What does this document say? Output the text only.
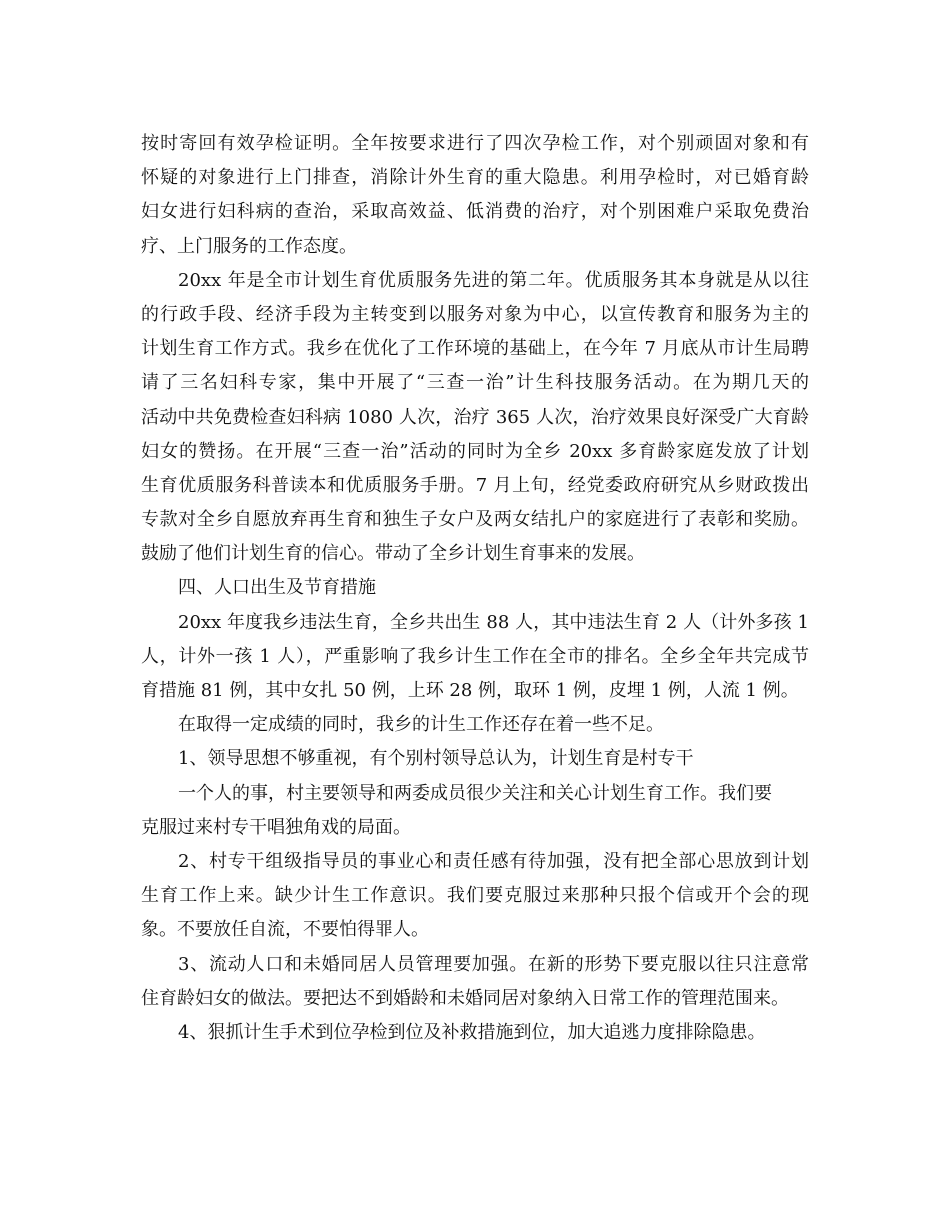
按时寄回有效孕检证明。全年按要求进行了四次孕检工作，对个别顽固对象和有
怀疑的对象进行上门排查，消除计外生育的重大隐患。利用孕检时，对已婚育龄
妇女进行妇科病的查治，采取高效益、低消费的治疗，对个别困难户采取免费治
疗、上门服务的工作态度。
20xx 年是全市计划生育优质服务先进的第二年。优质服务其本身就是从以往
的行政手段、经济手段为主转变到以服务对象为中心，以宣传教育和服务为主的
计划生育工作方式。我乡在优化了工作环境的基础上，在今年 7 月底从市计生局聘
请了三名妇科专家，集中开展了“三查一治”计生科技服务活动。在为期几天的
活动中共免费检查妇科病 1080 人次，治疗 365 人次，治疗效果良好深受广大育龄
妇女的赞扬。在开展“三查一治”活动的同时为全乡 20xx 多育龄家庭发放了计划
生育优质服务科普读本和优质服务手册。7 月上旬，经党委政府研究从乡财政拨出
专款对全乡自愿放弃再生育和独生子女户及两女结扎户的家庭进行了表彰和奖励。
鼓励了他们计划生育的信心。带动了全乡计划生育事来的发展。
四、人口出生及节育措施
20xx 年度我乡违法生育，全乡共出生 88 人，其中违法生育 2 人（计外多孩 1
人，计外一孩 1 人），严重影响了我乡计生工作在全市的排名。全乡全年共完成节
育措施 81 例，其中女扎 50 例，上环 28 例，取环 1 例，皮埋 1 例，人流 1 例。
在取得一定成绩的同时，我乡的计生工作还存在着一些不足。
1、领导思想不够重视，有个别村领导总认为，计划生育是村专干
一个人的事，村主要领导和两委成员很少关注和关心计划生育工作。我们要
克服过来村专干唱独角戏的局面。
2、村专干组级指导员的事业心和责任感有待加强，没有把全部心思放到计划
生育工作上来。缺少计生工作意识。我们要克服过来那种只报个信或开个会的现
象。不要放任自流，不要怕得罪人。
3、流动人口和未婚同居人员管理要加强。在新的形势下要克服以往只注意常
住育龄妇女的做法。要把达不到婚龄和未婚同居对象纳入日常工作的管理范围来。
4、狠抓计生手术到位孕检到位及补救措施到位，加大追逃力度排除隐患。
